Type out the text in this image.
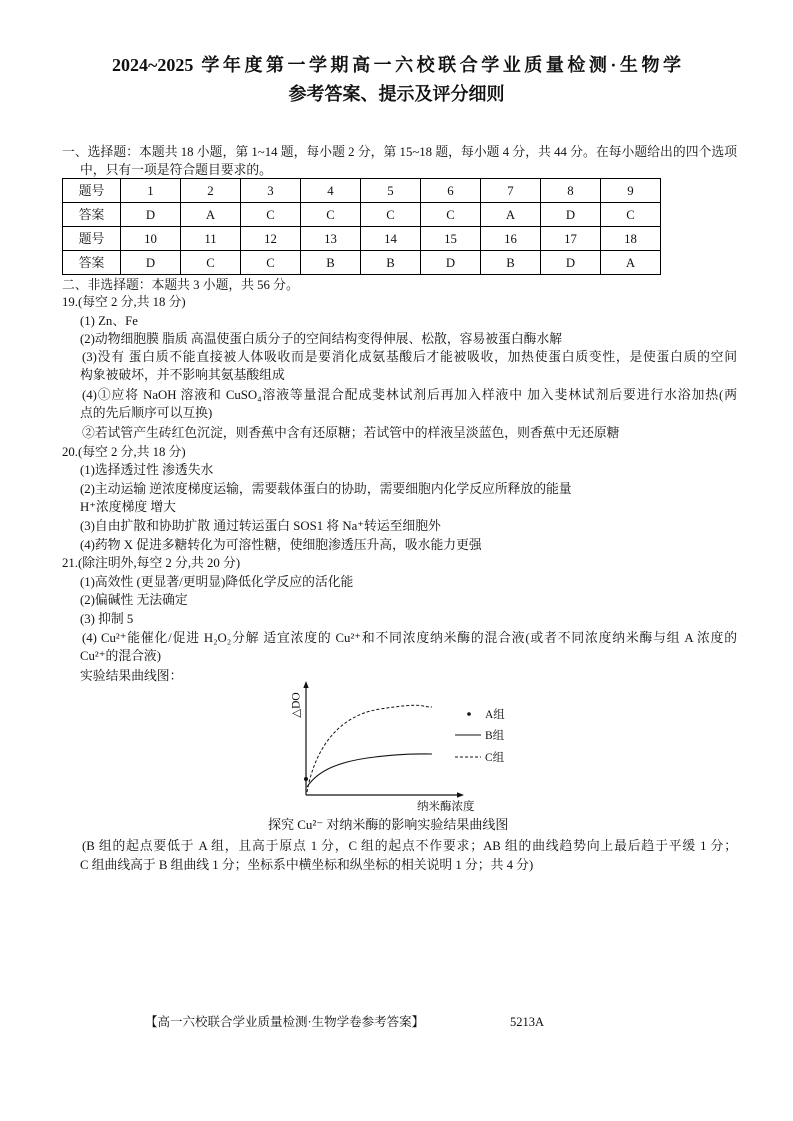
2024~2025 学年度第一学期高一六校联合学业质量检测·生物学
参考答案、提示及评分细则
一、选择题：本题共 18 小题，第 1~14 题，每小题 2 分，第 15~18 题，每小题 4 分，共 44 分。在每小题给出的四个选项
中，只有一项是符合题目要求的。
题号	1	2	3	4	5	6	7	8	9
答案	D	A	C	C	C	C	A	D	C
题号	10	11	12	13	14	15	16	17	18
答案	D	C	C	B	B	D	B	D	A
二、非选择题：本题共 3 小题，共 56 分。
19.(每空 2 分,共 18 分)
(1) Zn、Fe
(2)动物细胞膜 脂质 高温使蛋白质分子的空间结构变得伸展、松散，容易被蛋白酶水解
(3)没有 蛋白质不能直接被人体吸收而是要消化成氨基酸后才能被吸收，加热使蛋白质变性，是使蛋白质的空间
构象被破坏，并不影响其氨基酸组成
(4)①应将 NaOH 溶液和 CuSO₄溶液等量混合配成斐林试剂后再加入样液中 加入斐林试剂后要进行水浴加热(两
点的先后顺序可以互换)
②若试管产生砖红色沉淀，则香蕉中含有还原糖；若试管中的样液呈淡蓝色，则香蕉中无还原糖
20.(每空 2 分,共 18 分)
(1)选择透过性 渗透失水
(2)主动运输 逆浓度梯度运输，需要载体蛋白的协助，需要细胞内化学反应所释放的能量
H⁺浓度梯度 增大
(3)自由扩散和协助扩散 通过转运蛋白 SOS1 将 Na⁺转运至细胞外
(4)药物 X 促进多糖转化为可溶性糖，使细胞渗透压升高，吸水能力更强
21.(除注明外,每空 2 分,共 20 分)
(1)高效性 (更显著/更明显)降低化学反应的活化能
(2)偏碱性 无法确定
(3) 抑制 5
(4) Cu²⁺能催化/促进 H₂O₂分解 适宜浓度的 Cu²⁺和不同浓度纳米酶的混合液(或者不同浓度纳米酶与组 A 浓度的
Cu²⁺的混合液)
实验结果曲线图：
△DO
纳米酶浓度
A组
B组
C组
探究 Cu²⁻ 对纳米酶的影响实验结果曲线图
(B 组的起点要低于 A 组，且高于原点 1 分，C 组的起点不作要求；AB 组的曲线趋势向上最后趋于平缓 1 分；
C 组曲线高于 B 组曲线 1 分；坐标系中横坐标和纵坐标的相关说明 1 分；共 4 分)
【高一六校联合学业质量检测·生物学卷参考答案】	5213A
